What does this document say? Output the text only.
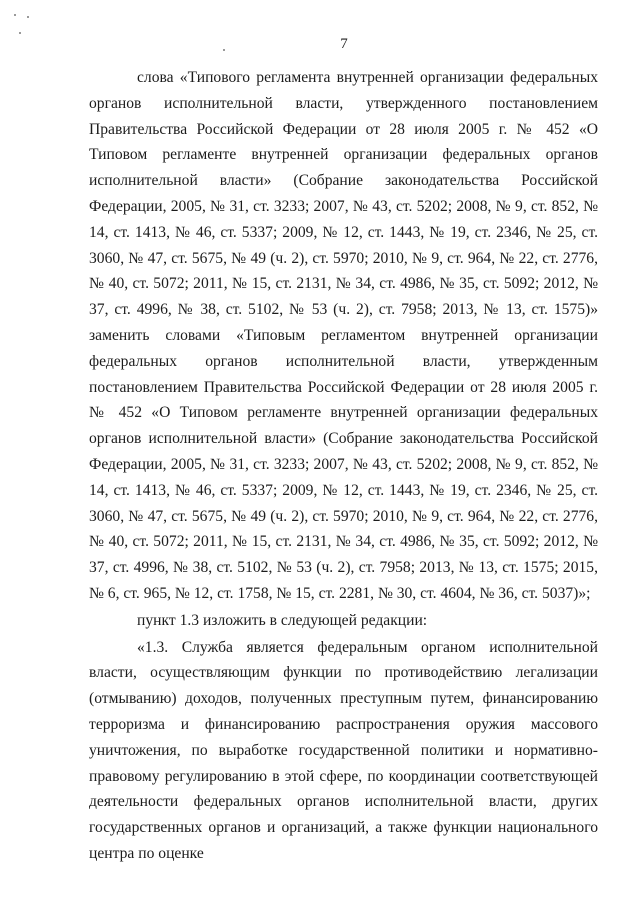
7

слова «Типового регламента внутренней организации федеральных органов исполнительной власти, утвержденного постановлением Правительства Российской Федерации от 28 июля 2005 г. № 452 «О Типовом регламенте внутренней организации федеральных органов исполнительной власти» (Собрание законодательства Российской Федерации, 2005, № 31, ст. 3233; 2007, № 43, ст. 5202; 2008, № 9, ст. 852, № 14, ст. 1413, № 46, ст. 5337; 2009, № 12, ст. 1443, № 19, ст. 2346, № 25, ст. 3060, № 47, ст. 5675, № 49 (ч. 2), ст. 5970; 2010, № 9, ст. 964, № 22, ст. 2776, № 40, ст. 5072; 2011, № 15, ст. 2131, № 34, ст. 4986, № 35, ст. 5092; 2012, № 37, ст. 4996, № 38, ст. 5102, № 53 (ч. 2), ст. 7958; 2013, № 13, ст. 1575)» заменить словами «Типовым регламентом внутренней организации федеральных органов исполнительной власти, утвержденным постановлением Правительства Российской Федерации от 28 июля 2005 г. № 452 «О Типовом регламенте внутренней организации федеральных органов исполнительной власти» (Собрание законодательства Российской Федерации, 2005, № 31, ст. 3233; 2007, № 43, ст. 5202; 2008, № 9, ст. 852, № 14, ст. 1413, № 46, ст. 5337; 2009, № 12, ст. 1443, № 19, ст. 2346, № 25, ст. 3060, № 47, ст. 5675, № 49 (ч. 2), ст. 5970; 2010, № 9, ст. 964, № 22, ст. 2776, № 40, ст. 5072; 2011, № 15, ст. 2131, № 34, ст. 4986, № 35, ст. 5092; 2012, № 37, ст. 4996, № 38, ст. 5102, № 53 (ч. 2), ст. 7958; 2013, № 13, ст. 1575; 2015, № 6, ст. 965, № 12, ст. 1758, № 15, ст. 2281, № 30, ст. 4604, № 36, ст. 5037)»;

пункт 1.3 изложить в следующей редакции:

«1.3. Служба является федеральным органом исполнительной власти, осуществляющим функции по противодействию легализации (отмыванию) доходов, полученных преступным путем, финансированию терроризма и финансированию распространения оружия массового уничтожения, по выработке государственной политики и нормативно-правовому регулированию в этой сфере, по координации соответствующей деятельности федеральных органов исполнительной власти, других государственных органов и организаций, а также функции национального центра по оценке
